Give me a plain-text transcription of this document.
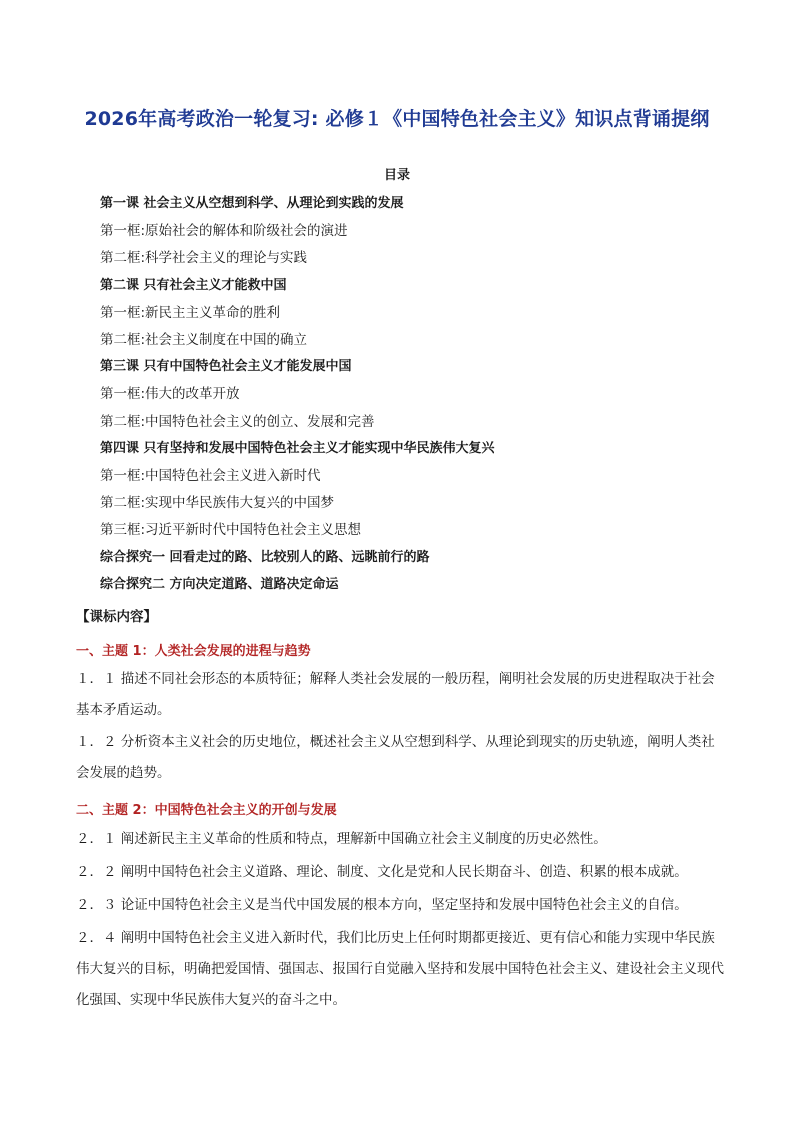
2026年高考政治一轮复习: 必修１《中国特色社会主义》知识点背诵提纲
目录
第一课 社会主义从空想到科学、从理论到实践的发展
第一框:原始社会的解体和阶级社会的演进
第二框:科学社会主义的理论与实践
第二课 只有社会主义才能救中国
第一框:新民主主义革命的胜利
第二框:社会主义制度在中国的确立
第三课 只有中国特色社会主义才能发展中国
第一框:伟大的改革开放
第二框:中国特色社会主义的创立、发展和完善
第四课 只有坚持和发展中国特色社会主义才能实现中华民族伟大复兴
第一框:中国特色社会主义进入新时代
第二框:实现中华民族伟大复兴的中国梦
第三框:习近平新时代中国特色社会主义思想
综合探究一 回看走过的路、比较别人的路、远眺前行的路
综合探究二 方向决定道路、道路决定命运
【课标内容】
一、主题 1：人类社会发展的进程与趋势
１．１ 描述不同社会形态的本质特征；解释人类社会发展的一般历程，阐明社会发展的历史进程取决于社会基本矛盾运动。
１．２ 分析资本主义社会的历史地位，概述社会主义从空想到科学、从理论到现实的历史轨迹，阐明人类社会发展的趋势。
二、主题 2：中国特色社会主义的开创与发展
２．１ 阐述新民主主义革命的性质和特点，理解新中国确立社会主义制度的历史必然性。
２．２ 阐明中国特色社会主义道路、理论、制度、文化是党和人民长期奋斗、创造、积累的根本成就。
２．３ 论证中国特色社会主义是当代中国发展的根本方向，坚定坚持和发展中国特色社会主义的自信。
２．４ 阐明中国特色社会主义进入新时代，我们比历史上任何时期都更接近、更有信心和能力实现中华民族伟大复兴的目标，明确把爱国情、强国志、报国行自觉融入坚持和发展中国特色社会主义、建设社会主义现代化强国、实现中华民族伟大复兴的奋斗之中。
